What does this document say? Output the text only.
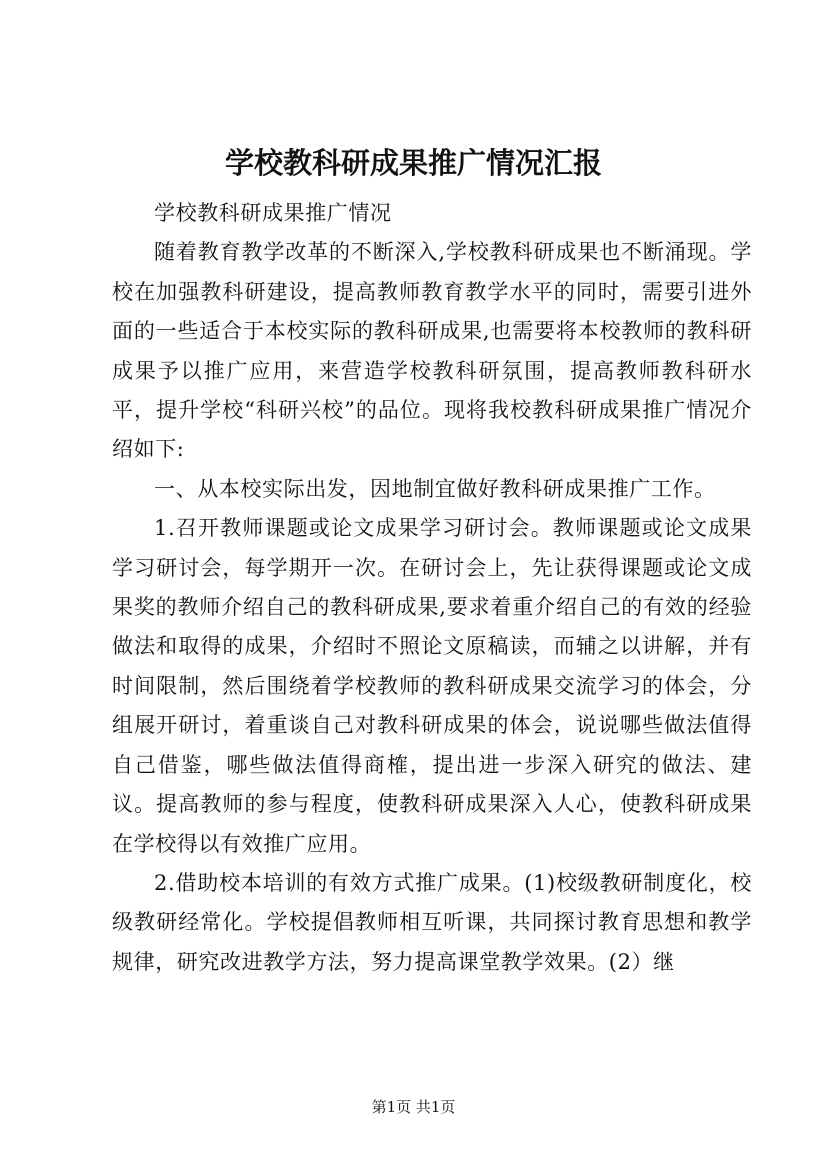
学校教科研成果推广情况汇报

学校教科研成果推广情况

随着教育教学改革的不断深入,学校教科研成果也不断涌现。学校在加强教科研建设，提高教师教育教学水平的同时，需要引进外面的一些适合于本校实际的教科研成果,也需要将本校教师的教科研成果予以推广应用，来营造学校教科研氛围，提高教师教科研水平，提升学校“科研兴校”的品位。现将我校教科研成果推广情况介绍如下:

一、从本校实际出发，因地制宜做好教科研成果推广工作。

1.召开教师课题或论文成果学习研讨会。教师课题或论文成果学习研讨会，每学期开一次。在研讨会上，先让获得课题或论文成果奖的教师介绍自己的教科研成果,要求着重介绍自己的有效的经验做法和取得的成果，介绍时不照论文原稿读，而辅之以讲解，并有时间限制，然后围绕着学校教师的教科研成果交流学习的体会，分组展开研讨，着重谈自己对教科研成果的体会，说说哪些做法值得自己借鉴，哪些做法值得商榷，提出进一步深入研究的做法、建议。提高教师的参与程度，使教科研成果深入人心，使教科研成果在学校得以有效推广应用。

2.借助校本培训的有效方式推广成果。(1)校级教研制度化，校级教研经常化。学校提倡教师相互听课，共同探讨教育思想和教学规律，研究改进教学方法，努力提高课堂教学效果。(2）继

第1页 共1页
